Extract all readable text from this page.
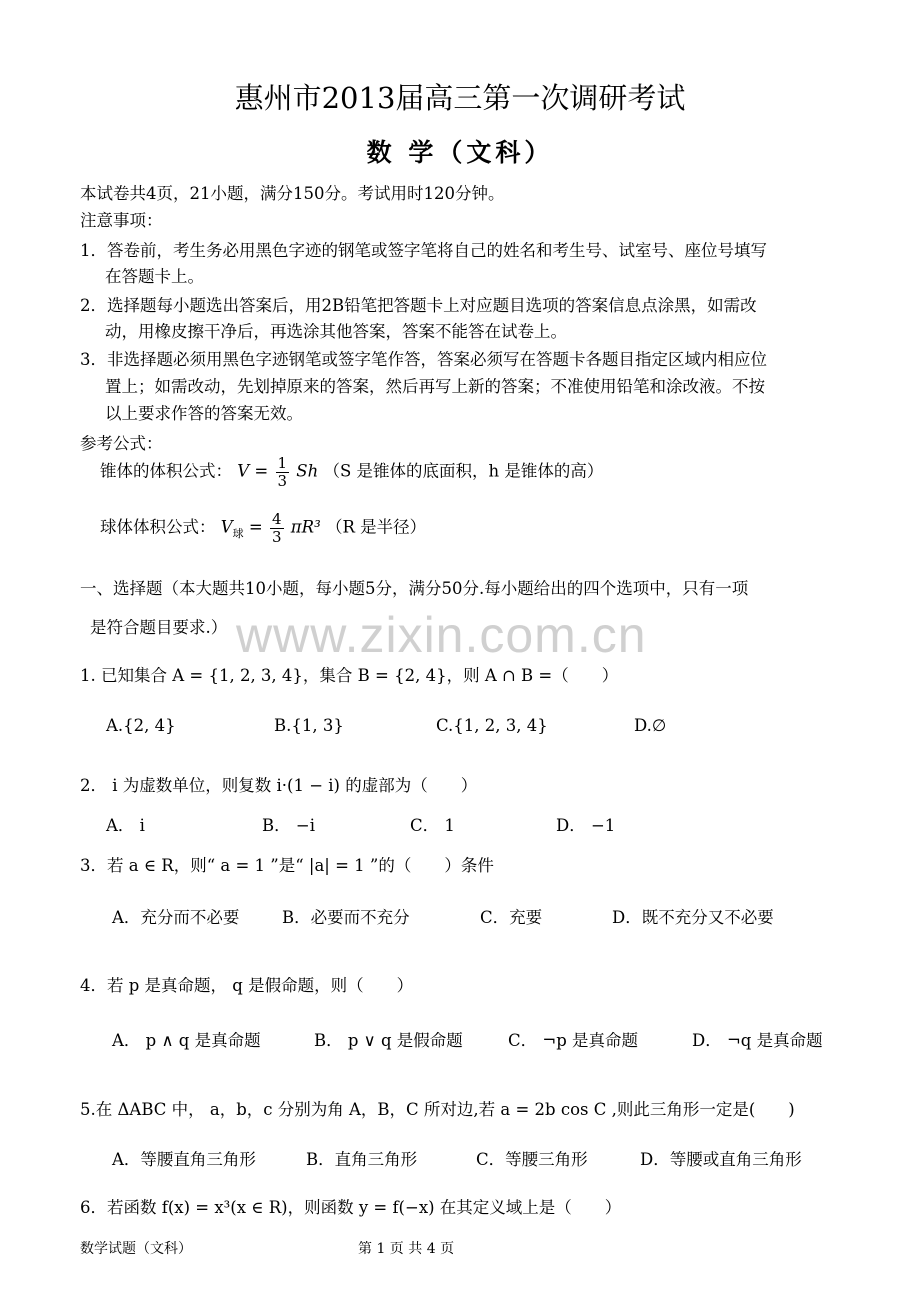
惠州市2013届高三第一次调研考试
数 学（文科）
本试卷共4页，21小题，满分150分。考试用时120分钟。
注意事项：
1．答卷前，考生务必用黑色字迹的钢笔或签字笔将自己的姓名和考生号、试室号、座位号填写
在答题卡上。
2．选择题每小题选出答案后，用2B铅笔把答题卡上对应题目选项的答案信息点涂黑，如需改
动，用橡皮擦干净后，再选涂其他答案，答案不能答在试卷上。
3．非选择题必须用黑色字迹钢笔或签字笔作答，答案必须写在答题卡各题目指定区域内相应位
置上；如需改动，先划掉原来的答案，然后再写上新的答案；不准使用铅笔和涂改液。不按
以上要求作答的答案无效。
参考公式：
锥体的体积公式： $V = \frac{1}{3}$ Sh （S 是锥体的底面积，h 是锥体的高）
球体体积公式： $V_球 = \frac{4}{3} \pi R^3$ （R 是半径）
一、选择题（本大题共10小题，每小题5分，满分50分.每小题给出的四个选项中，只有一项
是符合题目要求.） www.zixin.com.cn
1. 已知集合 A = {1, 2, 3, 4}，集合 B = {2, 4}，则 A ∩ B =（　　）
A.{2, 4}	B.{1, 3}	C.{1, 2, 3, 4}	D.∅
2． i 为虚数单位，则复数 i·(1 − i) 的虚部为（　　）
A． i	B． −i	C． 1	D． −1
3．若 a ∈ R，则“ a = 1 ”是“ |a| = 1 ”的（　　）条件
A．充分而不必要	B．必要而不充分	C．充要	D．既不充分又不必要
4．若 p 是真命题， q 是假命题，则（　　）
A． p ∧ q 是真命题	B． p ∨ q 是假命题	C． ¬p 是真命题	D． ¬q 是真命题
5.在 ΔABC 中， a，b，c 分别为角 A，B，C 所对边,若 a = 2b cos C ,则此三角形一定是(　　)
A．等腰直角三角形	B．直角三角形	C．等腰三角形	D．等腰或直角三角形
6．若函数 f(x) = x³(x ∈ R)，则函数 y = f(−x) 在其定义域上是（　　）
数学试题（文科）	第 1 页 共 4 页
